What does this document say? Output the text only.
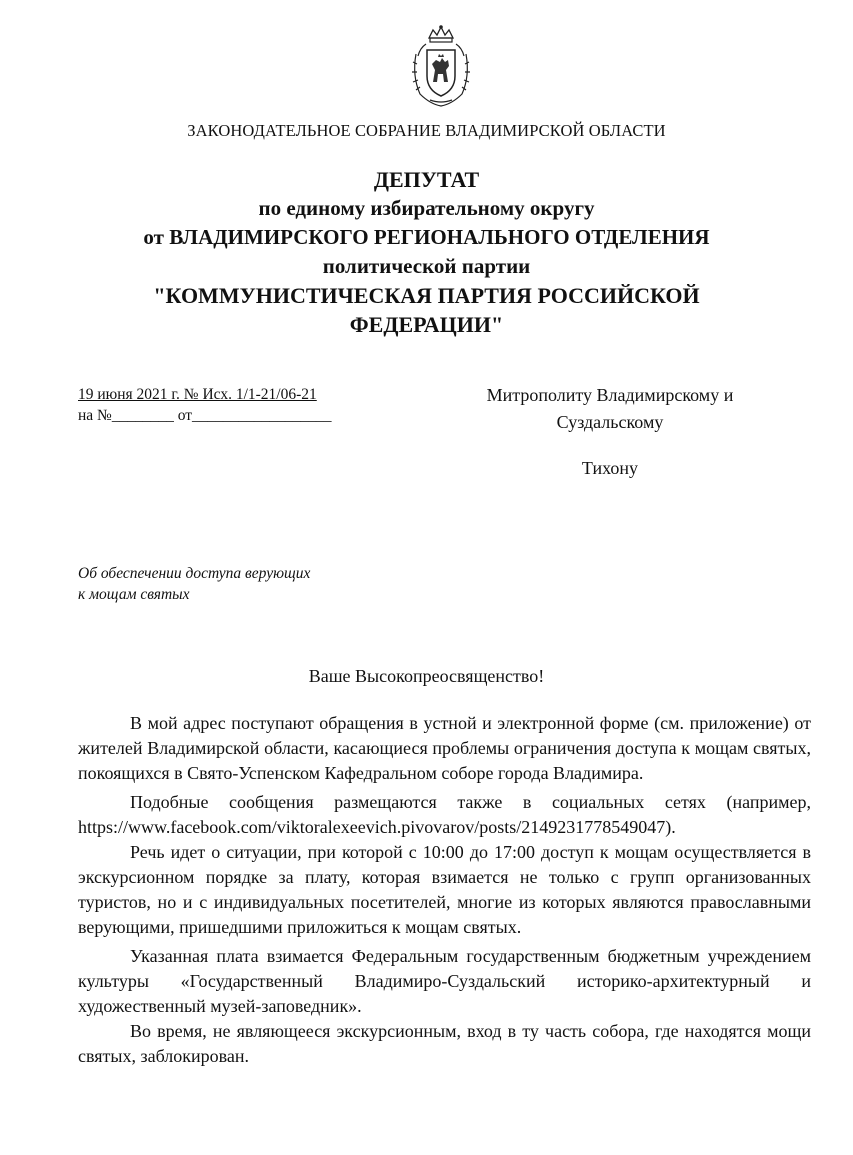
ЗАКОНОДАТЕЛЬНОЕ СОБРАНИЕ ВЛАДИМИРСКОЙ ОБЛАСТИ
ДЕПУТАТ
по единому избирательному округу
от ВЛАДИМИРСКОГО РЕГИОНАЛЬНОГО ОТДЕЛЕНИЯ
политической партии
"КОММУНИСТИЧЕСКАЯ ПАРТИЯ РОССИЙСКОЙ
ФЕДЕРАЦИИ"
19 июня 2021 г. № Исх. 1/1-21/06-21
на №________ от__________________
Митрополиту Владимирскому и
Суздальскому
Тихону
Об обеспечении доступа верующих
к мощам святых
Ваше Высокопреосвященство!

В мой адрес поступают обращения в устной и электронной форме (см. приложение) от жителей Владимирской области, касающиеся проблемы ограничения доступа к мощам святых, покоящихся в Свято-Успенском Кафедральном соборе города Владимира.

Подобные сообщения размещаются также в социальных сетях (например, https://www.facebook.com/viktoralexeevich.pivovarov/posts/2149231778549047).

Речь идет о ситуации, при которой с 10:00 до 17:00 доступ к мощам осуществляется в экскурсионном порядке за плату, которая взимается не только с групп организованных туристов, но и с индивидуальных посетителей, многие из которых являются православными верующими, пришедшими приложиться к мощам святых.

Указанная плата взимается Федеральным государственным бюджетным учреждением культуры «Государственный Владимиро-Суздальский историко-архитектурный и художественный музей-заповедник».

Во время, не являющееся экскурсионным, вход в ту часть собора, где находятся мощи святых, заблокирован.
